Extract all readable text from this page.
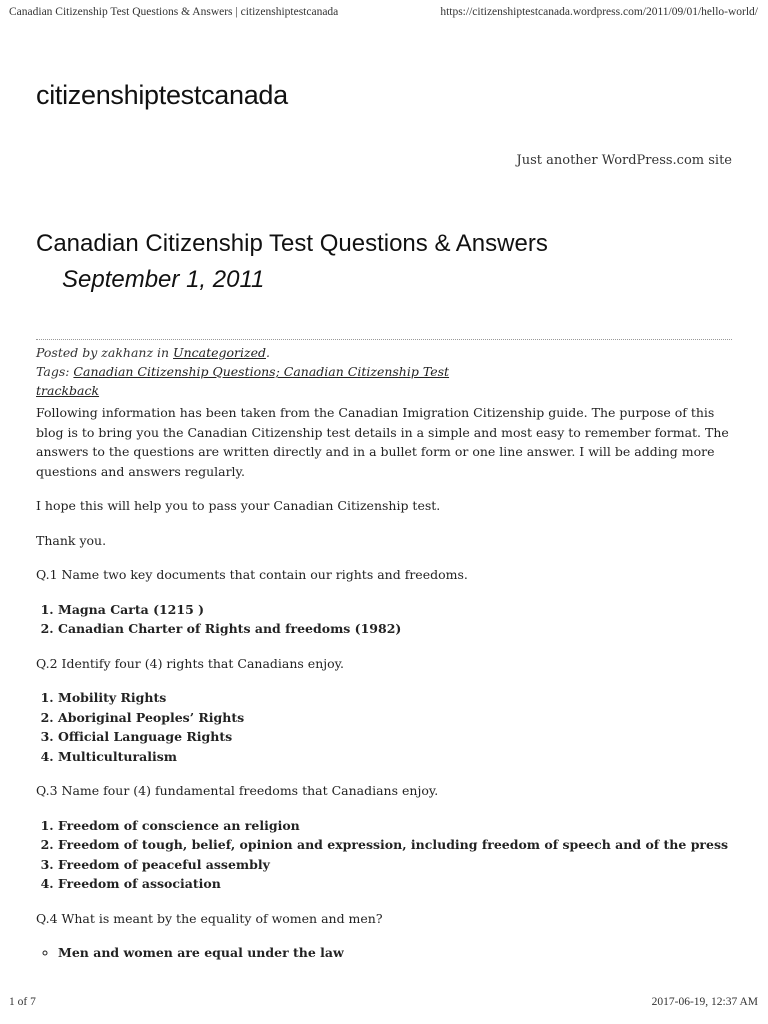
Canadian Citizenship Test Questions & Answers | citizenshiptestcanada	https://citizenshiptestcanada.wordpress.com/2011/09/01/hello-world/
citizenshiptestcanada
Just another WordPress.com site
Canadian Citizenship Test Questions & Answers
September 1, 2011
Posted by zakhanz in Uncategorized.
Tags: Canadian Citizenship Questions; Canadian Citizenship Test
trackback

Following information has been taken from the Canadian Imigration Citizenship guide. The purpose of this blog is to bring you the Canadian Citizenship test details in a simple and most easy to remember format. The answers to the questions are written directly and in a bullet form or one line answer. I will be adding more questions and answers regularly.

I hope this will help you to pass your Canadian Citizenship test.

Thank you.

Q.1 Name two key documents that contain our rights and freedoms.

1. Magna Carta (1215 )
2. Canadian Charter of Rights and freedoms (1982)

Q.2 Identify four (4) rights that Canadians enjoy.

1. Mobility Rights
2. Aboriginal Peoples’ Rights
3. Official Language Rights
4. Multiculturalism

Q.3 Name four (4) fundamental freedoms that Canadians enjoy.

1. Freedom of conscience an religion
2. Freedom of tough, belief, opinion and expression, including freedom of speech and of the press
3. Freedom of peaceful assembly
4. Freedom of association

Q.4 What is meant by the equality of women and men?

◦ Men and women are equal under the law
1 of 7	2017-06-19, 12:37 AM
